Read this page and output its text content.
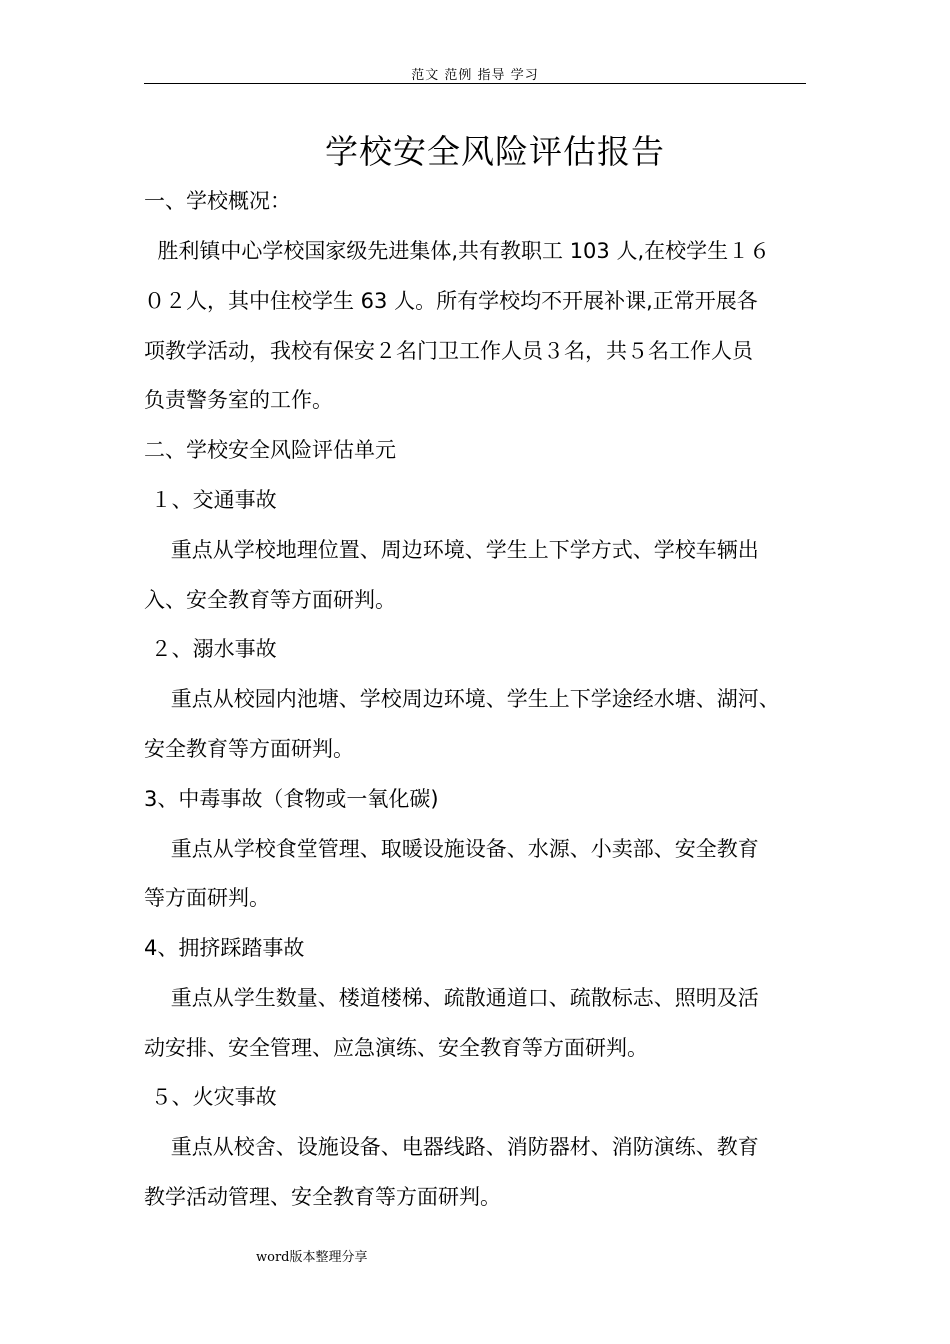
范文 范例 指导 学习
学校安全风险评估报告
一、学校概况：
胜利镇中心学校国家级先进集体,共有教职工 103 人,在校学生１６
０２人，其中住校学生 63 人。所有学校均不开展补课,正常开展各
项教学活动，我校有保安２名门卫工作人员３名，共５名工作人员
负责警务室的工作。
二、学校安全风险评估单元
１、交通事故
重点从学校地理位置、周边环境、学生上下学方式、学校车辆出
入、安全教育等方面研判。
２、溺水事故
重点从校园内池塘、学校周边环境、学生上下学途经水塘、湖河、
安全教育等方面研判。
3、中毒事故（食物或一氧化碳)
重点从学校食堂管理、取暖设施设备、水源、小卖部、安全教育
等方面研判。
4、拥挤踩踏事故
重点从学生数量、楼道楼梯、疏散通道口、疏散标志、照明及活
动安排、安全管理、应急演练、安全教育等方面研判。
５、火灾事故
重点从校舍、设施设备、电器线路、消防器材、消防演练、教育
教学活动管理、安全教育等方面研判。
word版本整理分享
